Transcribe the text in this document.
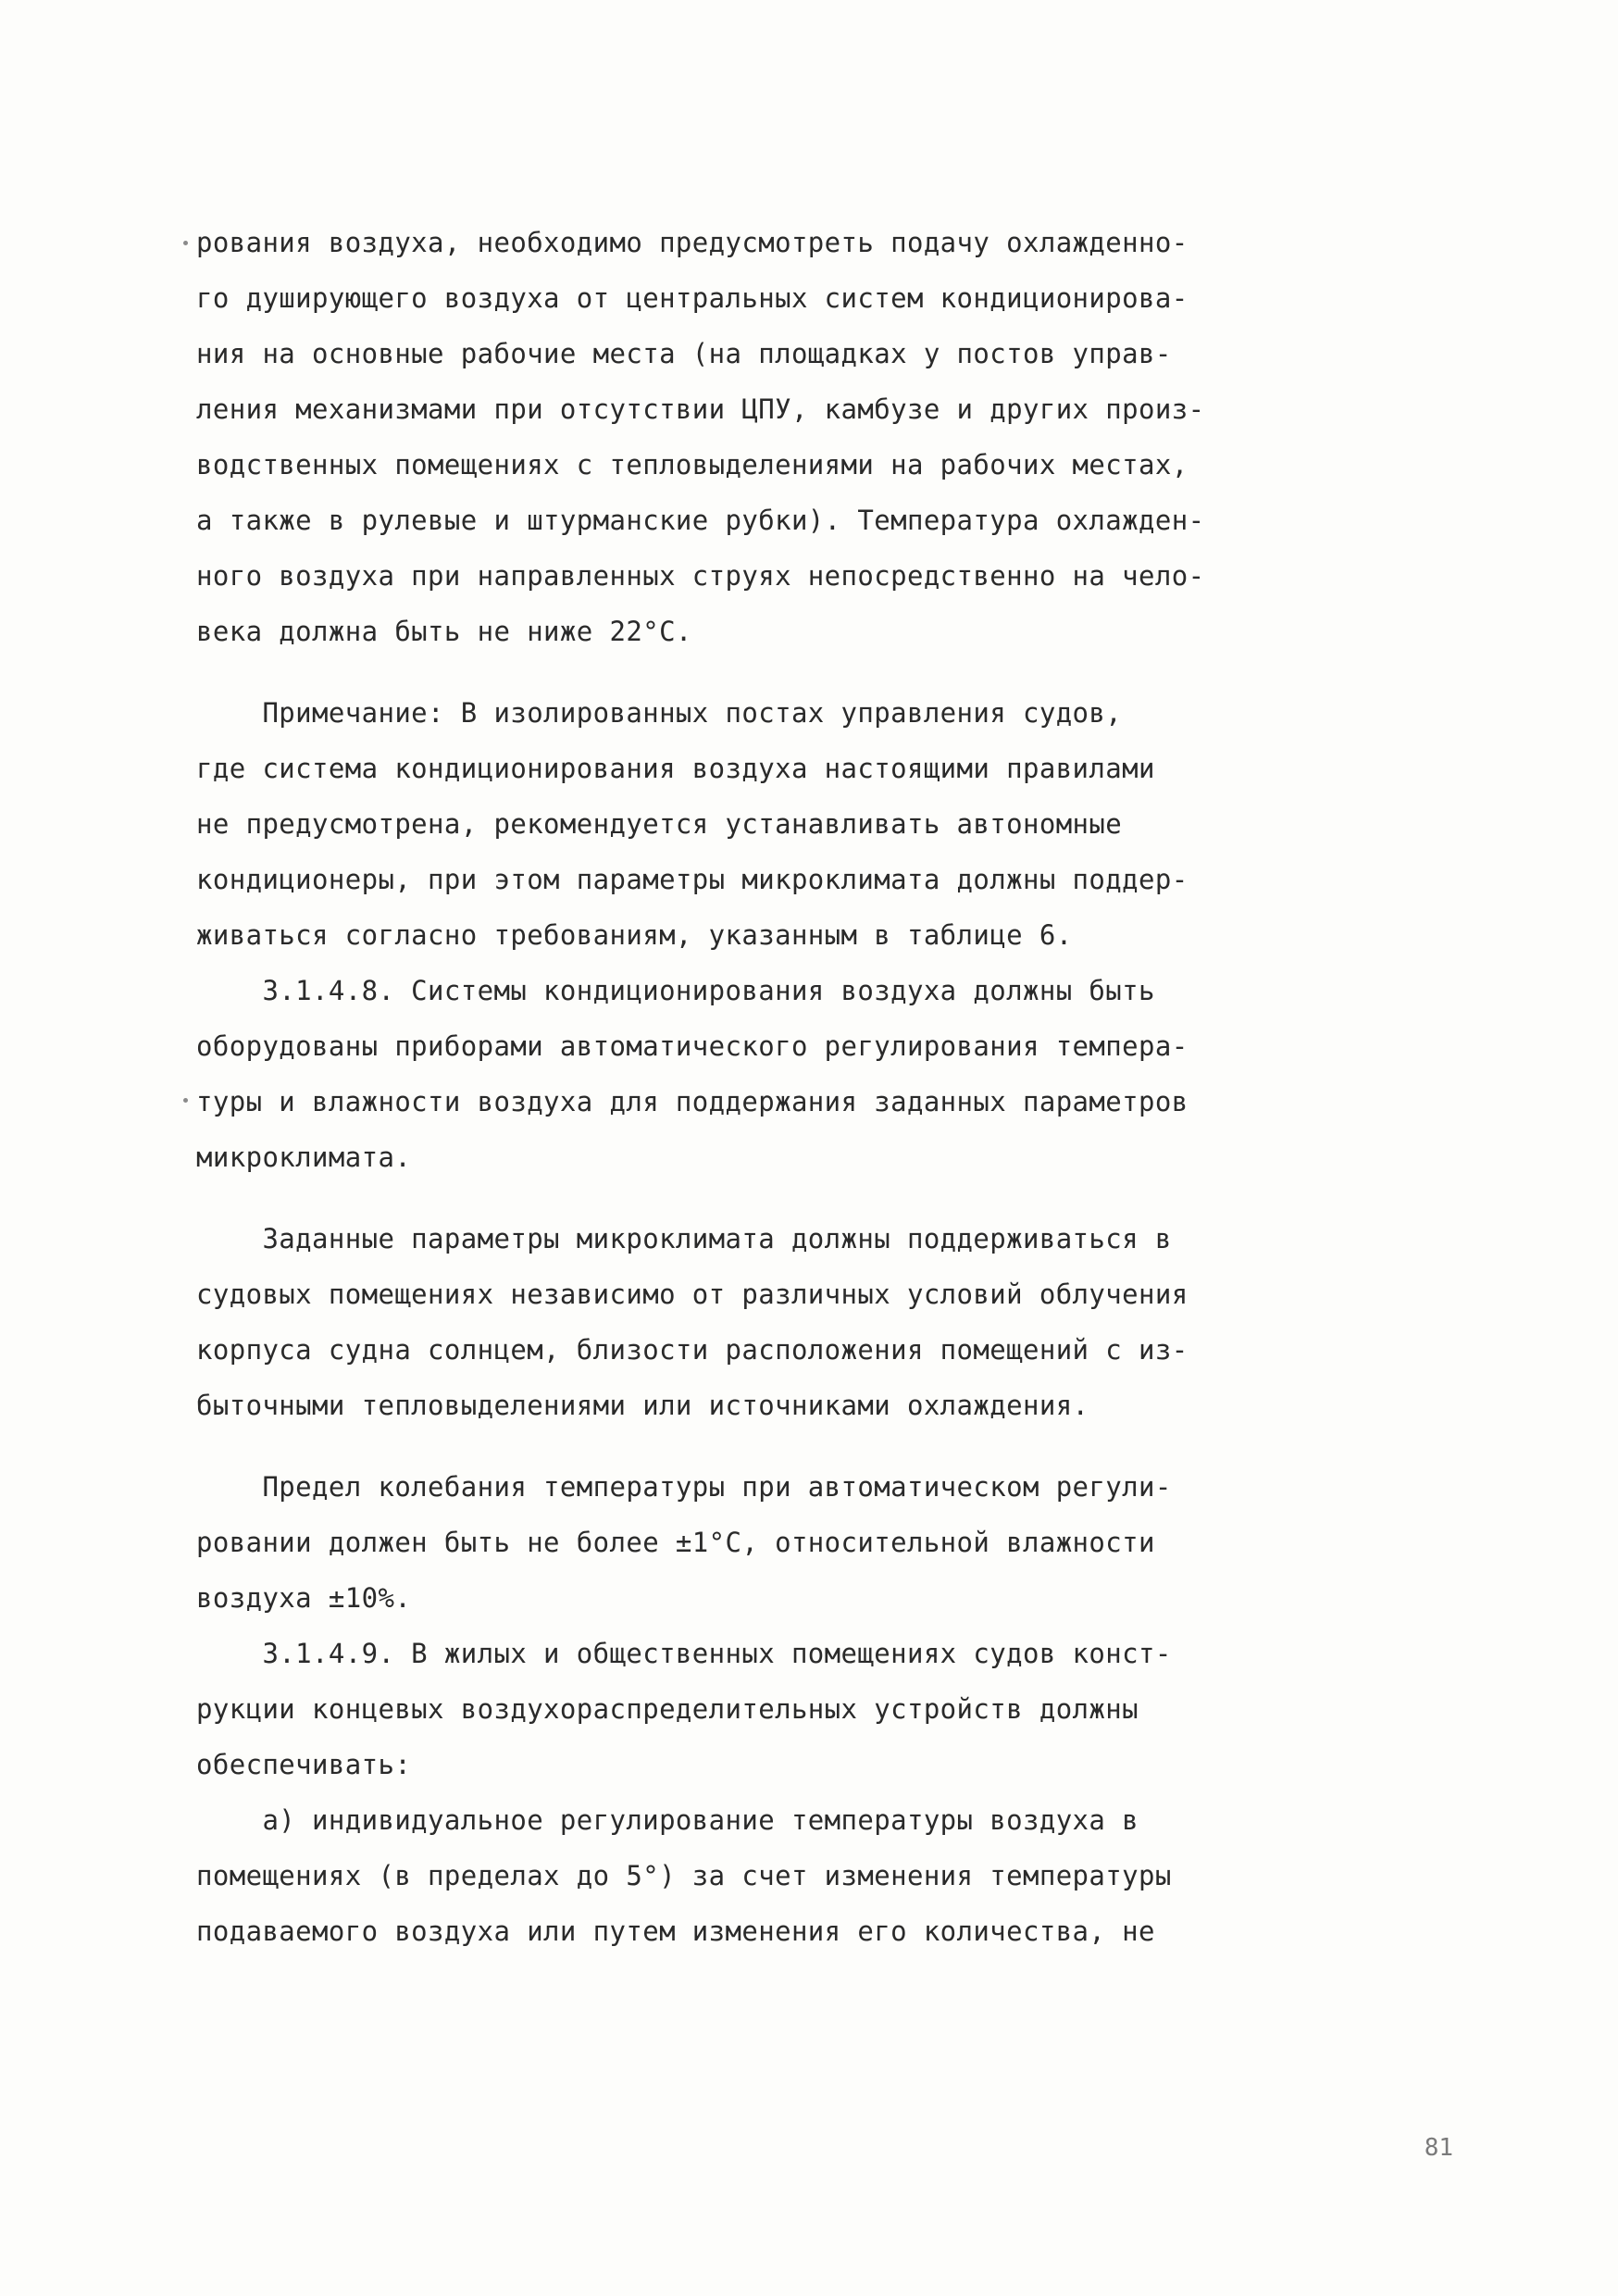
рования воздуха, необходимо предусмотреть подачу охлажденно-
го душирующего воздуха от центральных систем кондиционирова-
ния на основные рабочие места (на площадках у постов управ-
ления механизмами при отсутствии ЦПУ, камбузе и других произ-
водственных помещениях с тепловыделениями на рабочих местах,
а также в рулевые и штурманские рубки). Температура охлажден-
ного воздуха при направленных струях непосредственно на чело-
века должна быть не ниже 22°C.
Примечание: В изолированных постах управления судов,
где система кондиционирования воздуха настоящими правилами
не предусмотрена, рекомендуется устанавливать автономные
кондиционеры, при этом параметры микроклимата должны поддер-
живаться согласно требованиям, указанным в таблице 6.
3.1.4.8. Системы кондиционирования воздуха должны быть
оборудованы приборами автоматического регулирования темпера-
туры и влажности воздуха для поддержания заданных параметров
микроклимата.
Заданные параметры микроклимата должны поддерживаться в
судовых помещениях независимо от различных условий облучения
корпуса судна солнцем, близости расположения помещений с из-
быточными тепловыделениями или источниками охлаждения.
Предел колебания температуры при автоматическом регули-
ровании должен быть не более ±1°C, относительной влажности
воздуха ±10%.
3.1.4.9. В жилых и общественных помещениях судов конст-
рукции концевых воздухораспределительных устройств должны
обеспечивать:
а) индивидуальное регулирование температуры воздуха в
помещениях (в пределах до 5°) за счет изменения температуры
подаваемого воздуха или путем изменения его количества, не
81
